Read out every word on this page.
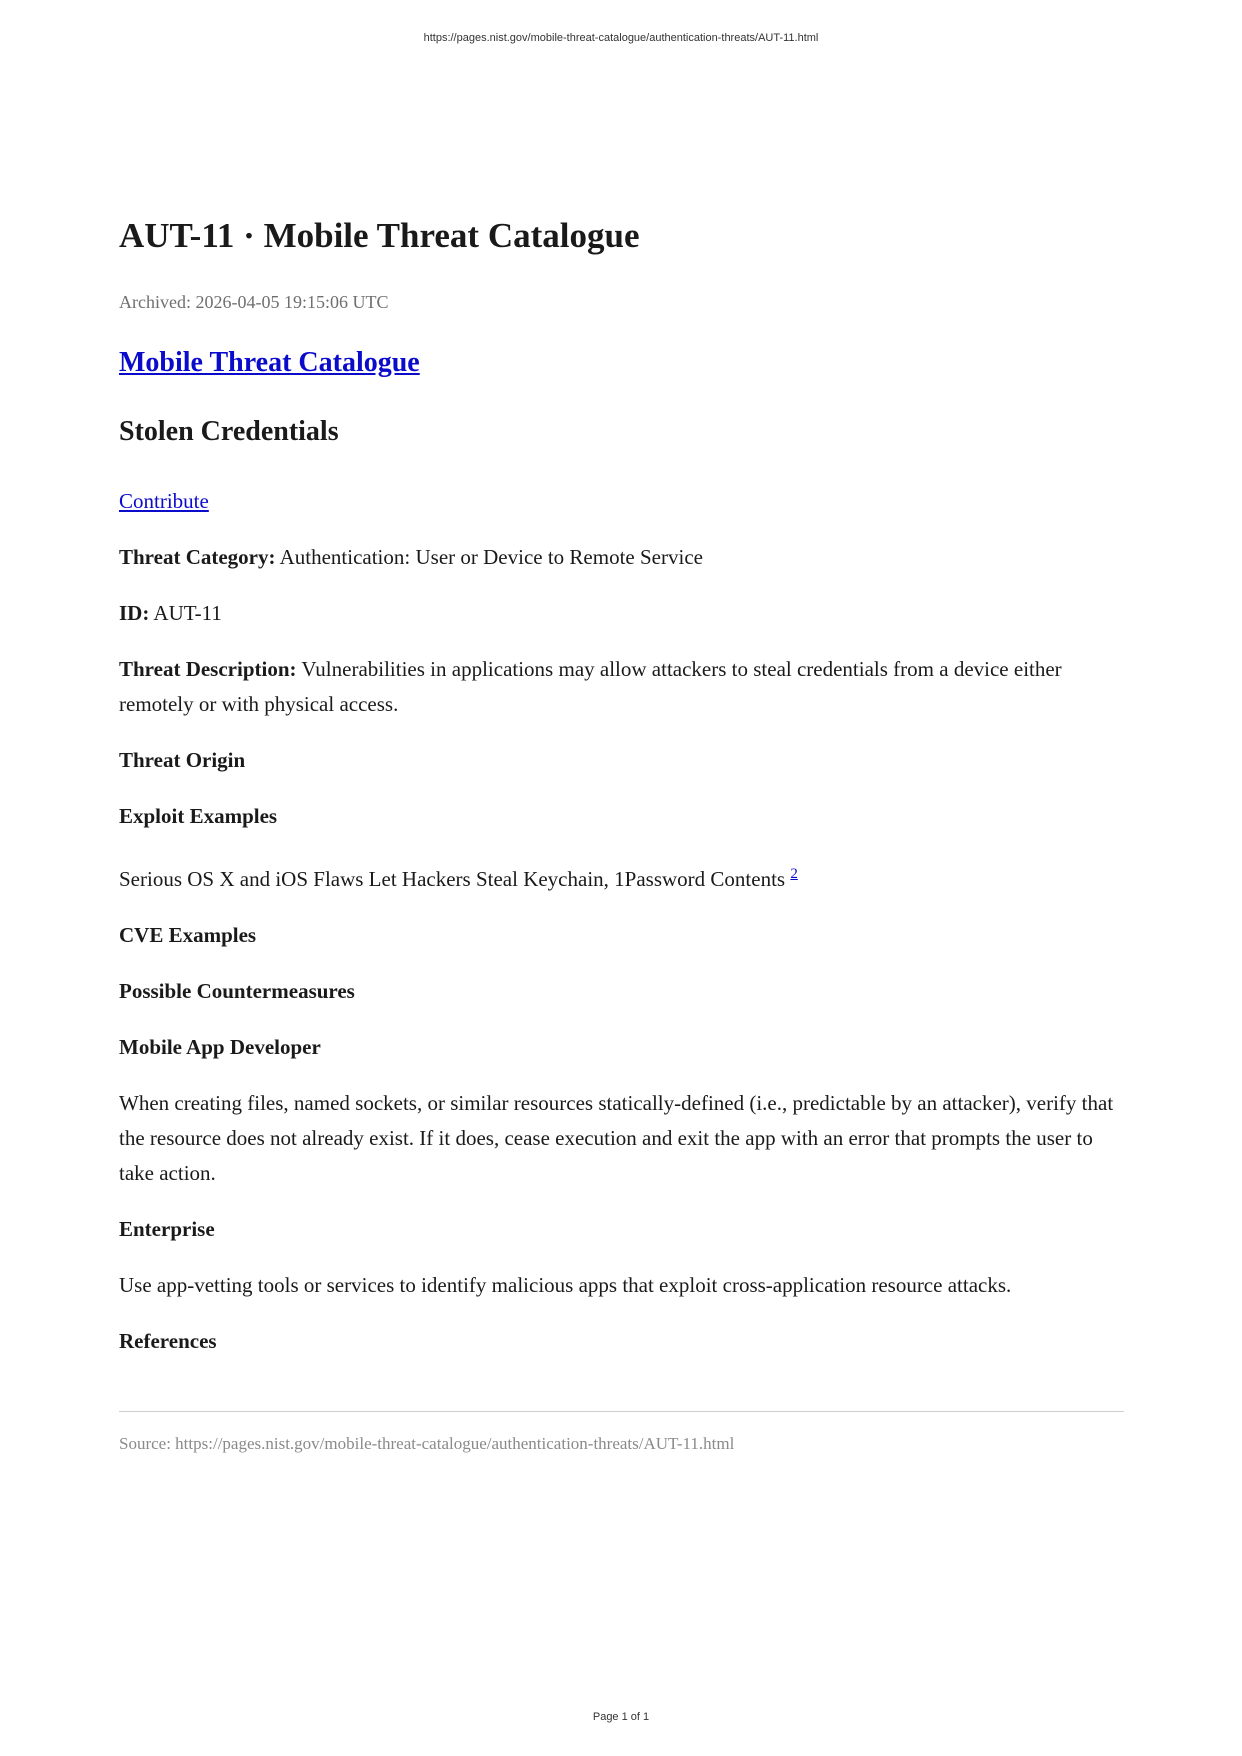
https://pages.nist.gov/mobile-threat-catalogue/authentication-threats/AUT-11.html
AUT-11 · Mobile Threat Catalogue
Archived: 2026-04-05 19:15:06 UTC
Mobile Threat Catalogue
Stolen Credentials

Contribute

Threat Category: Authentication: User or Device to Remote Service

ID: AUT-11

Threat Description: Vulnerabilities in applications may allow attackers to steal credentials from a device either remotely or with physical access.

Threat Origin

Exploit Examples

Serious OS X and iOS Flaws Let Hackers Steal Keychain, 1Password Contents $^2$

CVE Examples

Possible Countermeasures

Mobile App Developer

When creating files, named sockets, or similar resources statically-defined (i.e., predictable by an attacker), verify that the resource does not already exist. If it does, cease execution and exit the app with an error that prompts the user to take action.

Enterprise

Use app-vetting tools or services to identify malicious apps that exploit cross-application resource attacks.

References

Source: https://pages.nist.gov/mobile-threat-catalogue/authentication-threats/AUT-11.html
Page 1 of 1
